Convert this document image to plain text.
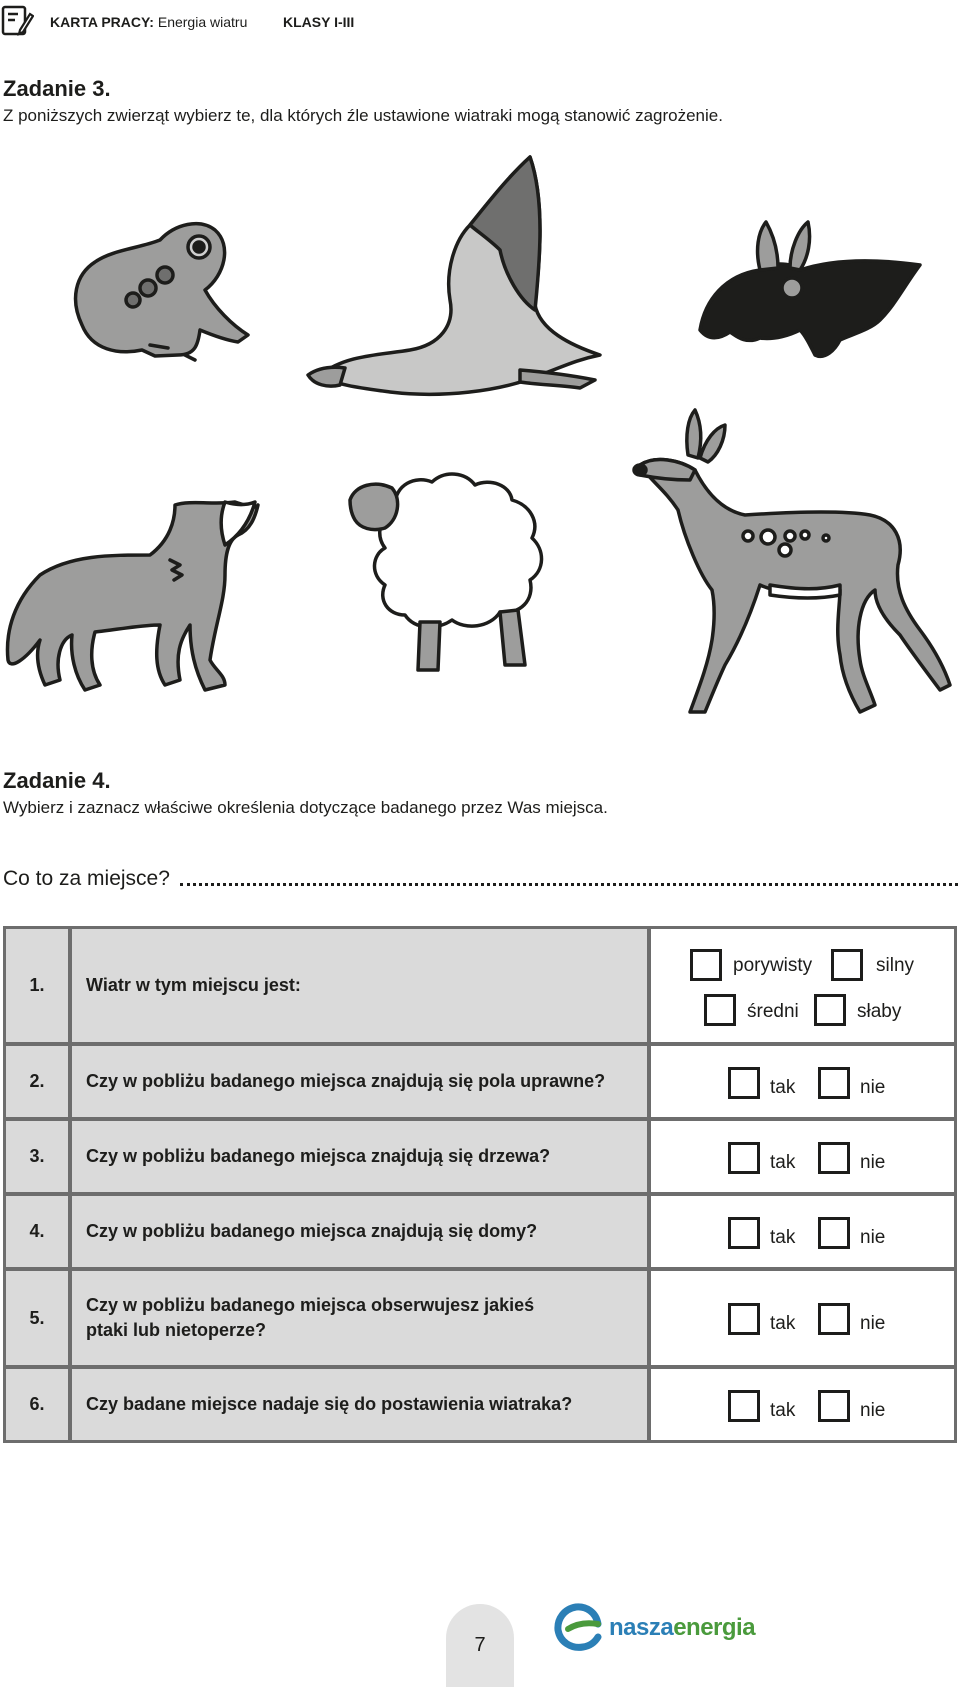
KARTA PRACY: Energia wiatru	KLASY I-III
Zadanie 3.
Z poniższych zwierząt wybierz te, dla których źle ustawione wiatraki mogą stanowić zagrożenie.
Zadanie 4.
Wybierz i zaznacz właściwe określenia dotyczące badanego przez Was miejsca.
Co to za miejsce?
1.	Wiatr w tym miejscu jest:
porywisty	silny
średni	słaby
2.	Czy w pobliżu badanego miejsca znajdują się pola uprawne?	tak	nie
3.	Czy w pobliżu badanego miejsca znajdują się drzewa?	tak	nie
4.	Czy w pobliżu badanego miejsca znajdują się domy?	tak	nie
5.
Czy w pobliżu badanego miejsca obserwujesz jakieś
ptaki lub nietoperze?	tak	nie
6.	Czy badane miejsce nadaje się do postawienia wiatraka?	tak	nie
7
naszaenergia
